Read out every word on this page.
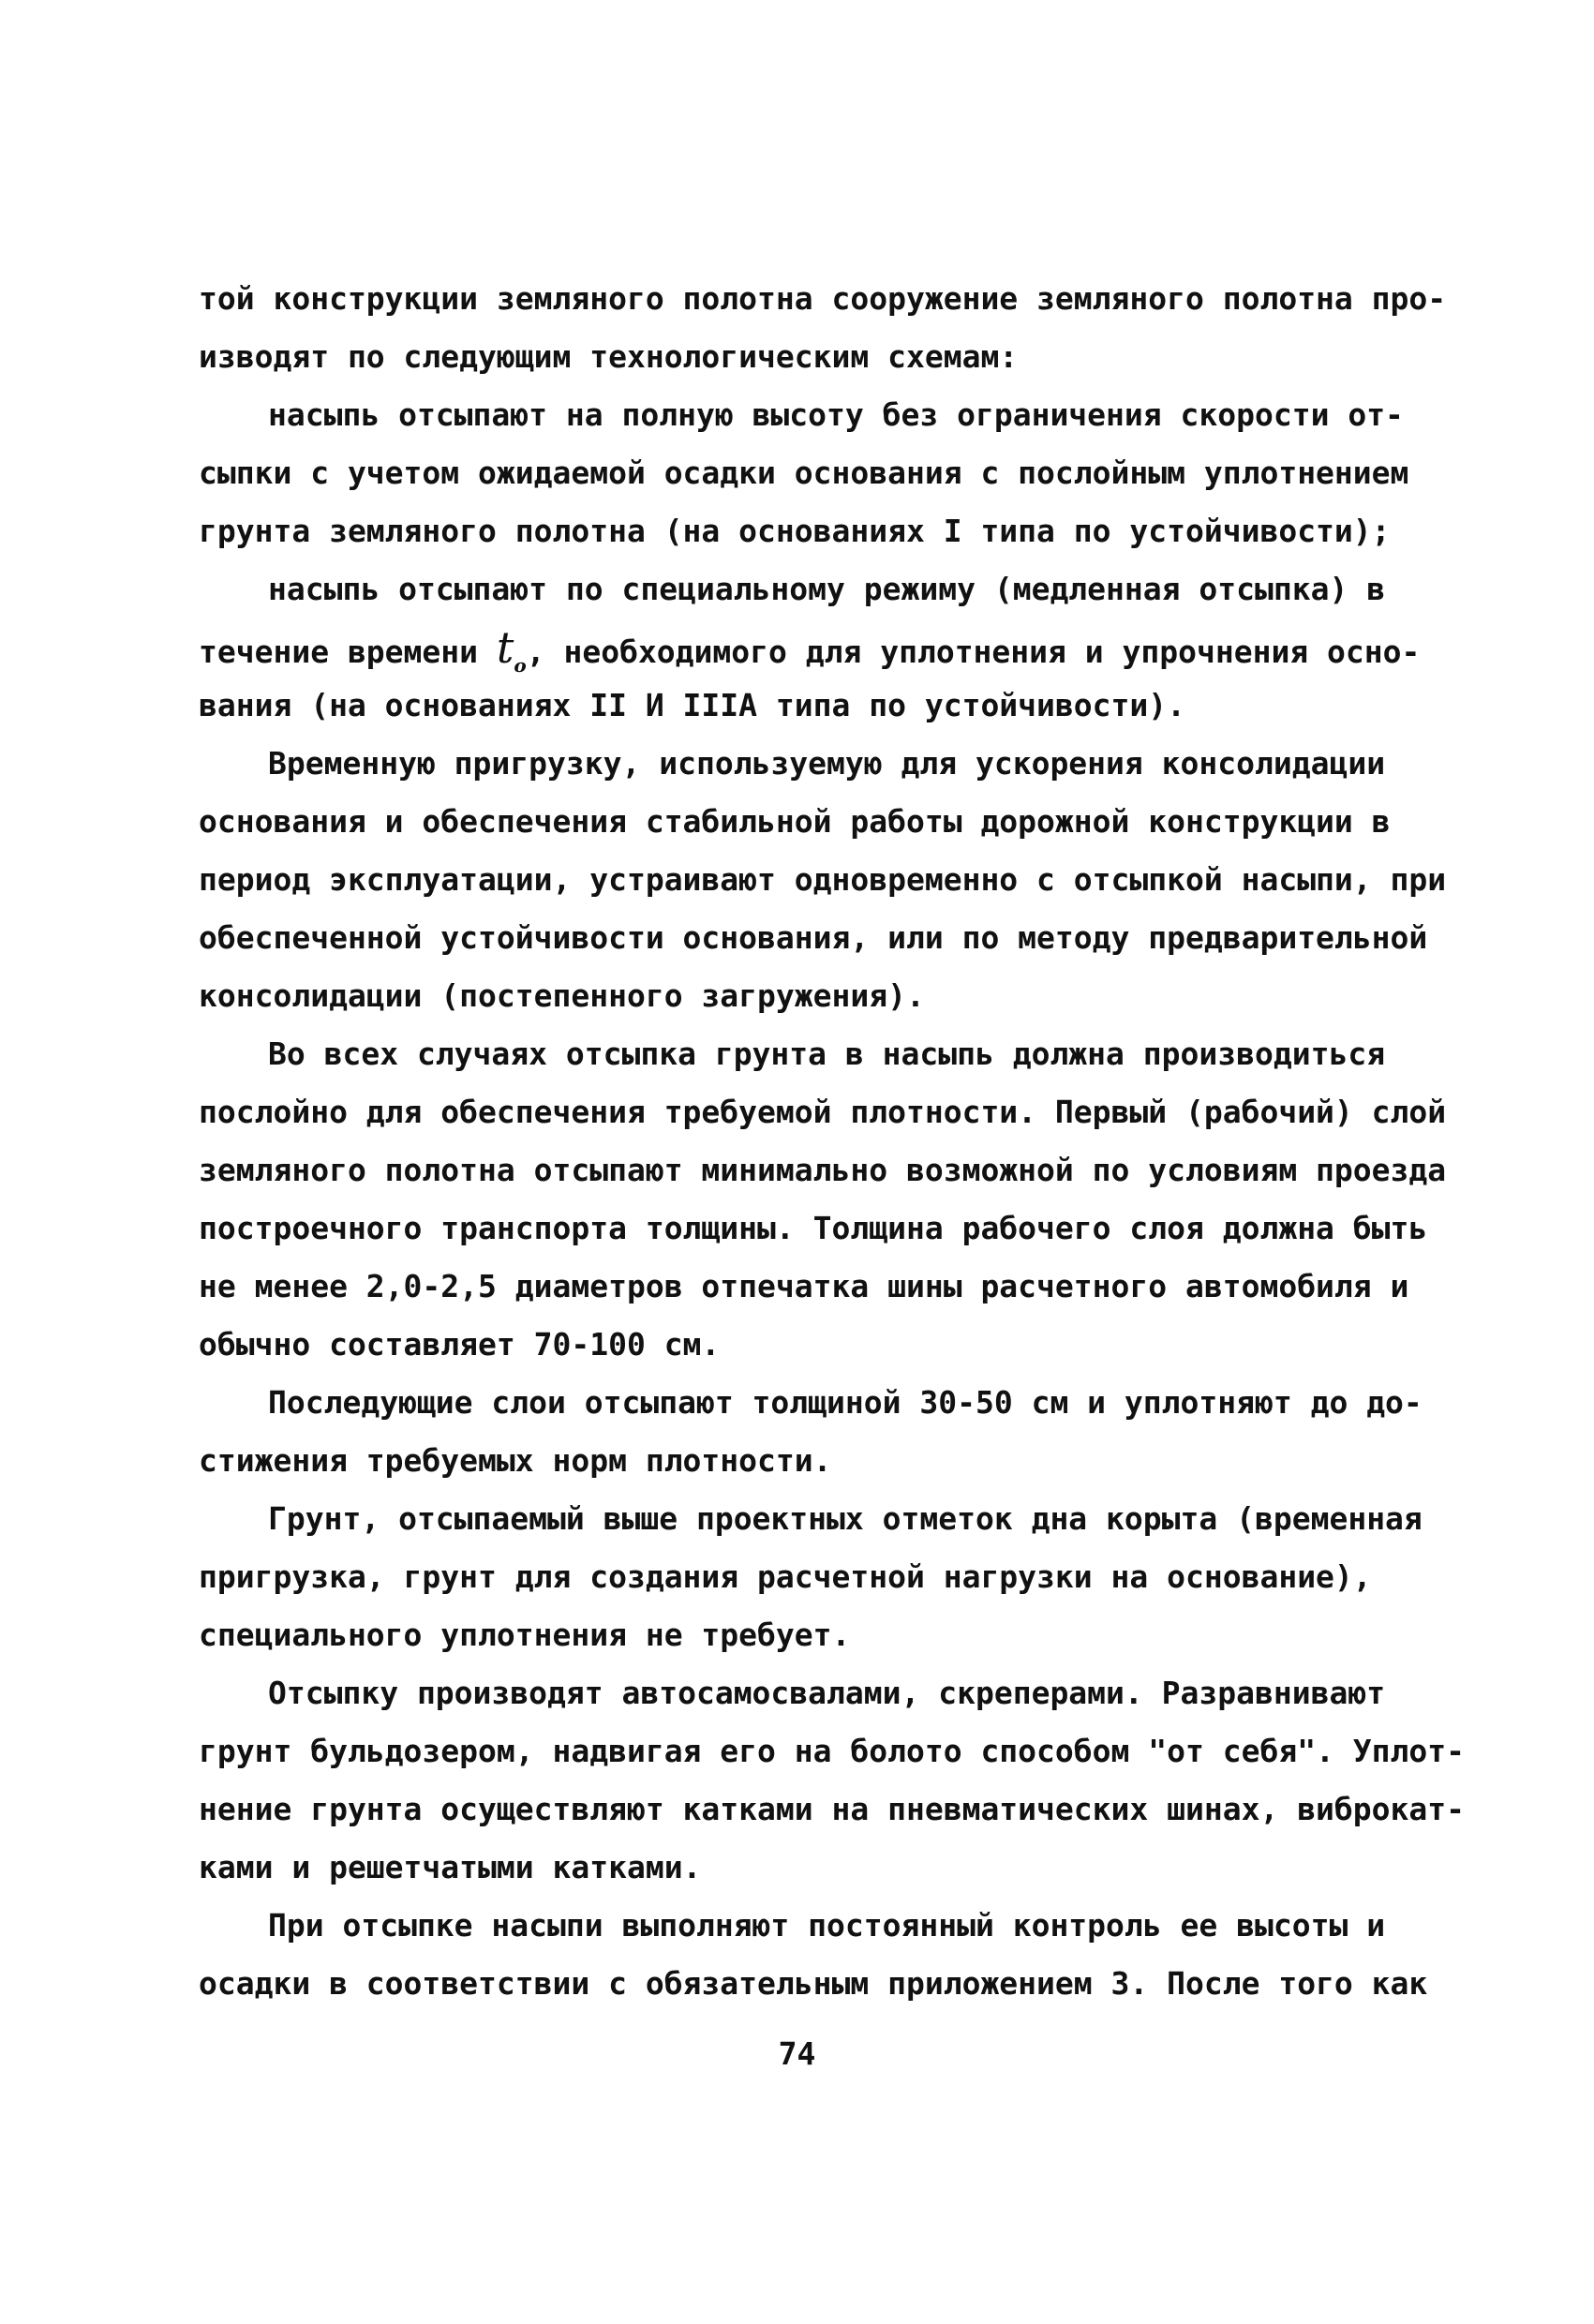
той конструкции земляного полотна сооружение земляного полотна про-
изводят по следующим технологическим схемам:
насыпь отсыпают на полную высоту без ограничения скорости от-
сыпки с учетом ожидаемой осадки основания с послойным уплотнением
грунта земляного полотна (на основаниях I типа по устойчивости);
насыпь отсыпают по специальному режиму (медленная отсыпка) в
течение времени $t_o$, необходимого для уплотнения и упрочнения осно-
вания (на основаниях II И IIIА типа по устойчивости).
Временную пригрузку, используемую для ускорения консолидации
основания и обеспечения стабильной работы дорожной конструкции в
период эксплуатации, устраивают одновременно с отсыпкой насыпи, при
обеспеченной устойчивости основания, или по методу предварительной
консолидации (постепенного загружения).
Во всех случаях отсыпка грунта в насыпь должна производиться
послойно для обеспечения требуемой плотности. Первый (рабочий) слой
земляного полотна отсыпают минимально возможной по условиям проезда
построечного транспорта толщины. Толщина рабочего слоя должна быть
не менее 2,0-2,5 диаметров отпечатка шины расчетного автомобиля и
обычно составляет 70-100 см.
Последующие слои отсыпают толщиной 30-50 см и уплотняют до до-
стижения требуемых норм плотности.
Грунт, отсыпаемый выше проектных отметок дна корыта (временная
пригрузка, грунт для создания расчетной нагрузки на основание),
специального уплотнения не требует.
Отсыпку производят автосамосвалами, скреперами. Разравнивают
грунт бульдозером, надвигая его на болото способом "от себя". Уплот-
нение грунта осуществляют катками на пневматических шинах, виброкат-
ками и решетчатыми катками.
При отсыпке насыпи выполняют постоянный контроль ее высоты и
осадки в соответствии с обязательным приложением 3. После того как
74
